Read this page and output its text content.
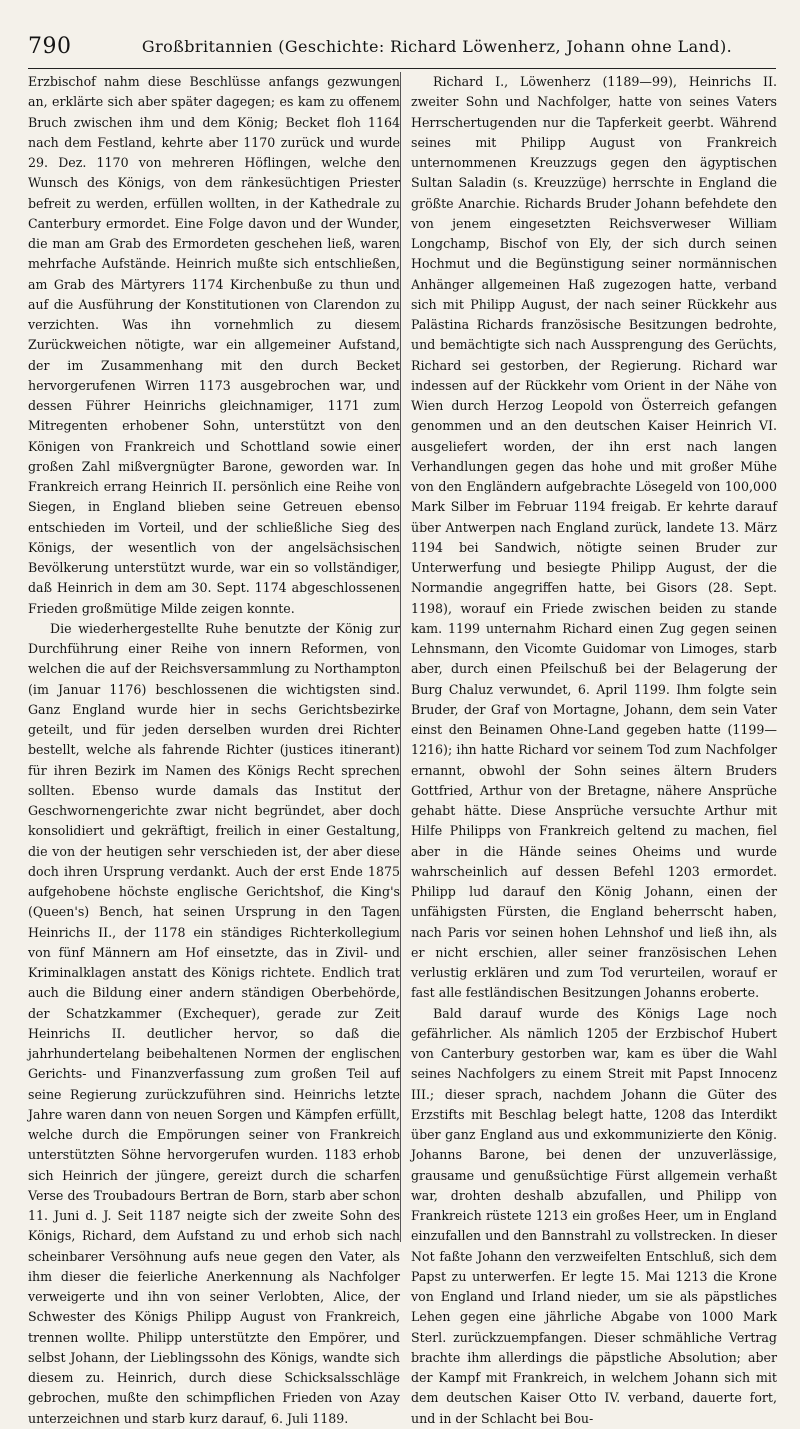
790	Großbritannien (Geschichte: Richard Löwenherz, Johann ohne Land).

Erzbischof nahm diese Beschlüsse anfangs gezwungen an, erklärte sich aber später dagegen; es kam zu offenem Bruch zwischen ihm und dem König; Becket floh 1164 nach dem Festland, kehrte aber 1170 zurück und wurde 29. Dez. 1170 von mehreren Höflingen, welche den Wunsch des Königs, von dem ränkesüchtigen Priester befreit zu werden, erfüllen wollten, in der Kathedrale zu Canterbury ermordet. Eine Folge davon und der Wunder, die man am Grab des Ermordeten geschehen ließ, waren mehrfache Aufstände. Heinrich mußte sich entschließen, am Grab des Märtyrers 1174 Kirchenbuße zu thun und auf die Ausführung der Konstitutionen von Clarendon zu verzichten. Was ihn vornehmlich zu diesem Zurückweichen nötigte, war ein allgemeiner Aufstand, der im Zusammenhang mit den durch Becket hervorgerufenen Wirren 1173 ausgebrochen war, und dessen Führer Heinrichs gleichnamiger, 1171 zum Mitregenten erhobener Sohn, unterstützt von den Königen von Frankreich und Schottland sowie einer großen Zahl mißvergnügter Barone, geworden war. In Frankreich errang Heinrich II. persönlich eine Reihe von Siegen, in England blieben seine Getreuen ebenso entschieden im Vorteil, und der schließliche Sieg des Königs, der wesentlich von der angelsächsischen Bevölkerung unterstützt wurde, war ein so vollständiger, daß Heinrich in dem am 30. Sept. 1174 abgeschlossenen Frieden großmütige Milde zeigen konnte.

Die wiederhergestellte Ruhe benutzte der König zur Durchführung einer Reihe von innern Reformen, von welchen die auf der Reichsversammlung zu Northampton (im Januar 1176) beschlossenen die wichtigsten sind. Ganz England wurde hier in sechs Gerichtsbezirke geteilt, und für jeden derselben wurden drei Richter bestellt, welche als fahrende Richter (justices itinerant) für ihren Bezirk im Namen des Königs Recht sprechen sollten. Ebenso wurde damals das Institut der Geschwornengerichte zwar nicht begründet, aber doch konsolidiert und gekräftigt, freilich in einer Gestaltung, die von der heutigen sehr verschieden ist, der aber diese doch ihren Ursprung verdankt. Auch der erst Ende 1875 aufgehobene höchste englische Gerichtshof, die King's (Queen's) Bench, hat seinen Ursprung in den Tagen Heinrichs II., der 1178 ein ständiges Richterkollegium von fünf Männern am Hof einsetzte, das in Zivil- und Kriminalklagen anstatt des Königs richtete. Endlich trat auch die Bildung einer andern ständigen Oberbehörde, der Schatzkammer (Exchequer), gerade zur Zeit Heinrichs II. deutlicher hervor, so daß die jahrhundertelang beibehaltenen Normen der englischen Gerichts- und Finanzverfassung zum großen Teil auf seine Regierung zurückzuführen sind. Heinrichs letzte Jahre waren dann von neuen Sorgen und Kämpfen erfüllt, welche durch die Empörungen seiner von Frankreich unterstützten Söhne hervorgerufen wurden. 1183 erhob sich Heinrich der jüngere, gereizt durch die scharfen Verse des Troubadours Bertran de Born, starb aber schon 11. Juni d. J. Seit 1187 neigte sich der zweite Sohn des Königs, Richard, dem Aufstand zu und erhob sich nach scheinbarer Versöhnung aufs neue gegen den Vater, als ihm dieser die feierliche Anerkennung als Nachfolger verweigerte und ihn von seiner Verlobten, Alice, der Schwester des Königs Philipp August von Frankreich, trennen wollte. Philipp unterstützte den Empörer, und selbst Johann, der Lieblingssohn des Königs, wandte sich diesem zu. Heinrich, durch diese Schicksalsschläge gebrochen, mußte den schimpflichen Frieden von Azay unterzeichnen und starb kurz darauf, 6. Juli 1189.

Richard I., Löwenherz (1189—99), Heinrichs II. zweiter Sohn und Nachfolger, hatte von seines Vaters Herrschertugenden nur die Tapferkeit geerbt. Während seines mit Philipp August von Frankreich unternommenen Kreuzzugs gegen den ägyptischen Sultan Saladin (s. Kreuzzüge) herrschte in England die größte Anarchie. Richards Bruder Johann befehdete den von jenem eingesetzten Reichsverweser William Longchamp, Bischof von Ely, der sich durch seinen Hochmut und die Begünstigung seiner normännischen Anhänger allgemeinen Haß zugezogen hatte, verband sich mit Philipp August, der nach seiner Rückkehr aus Palästina Richards französische Besitzungen bedrohte, und bemächtigte sich nach Aussprengung des Gerüchts, Richard sei gestorben, der Regierung. Richard war indessen auf der Rückkehr vom Orient in der Nähe von Wien durch Herzog Leopold von Österreich gefangen genommen und an den deutschen Kaiser Heinrich VI. ausgeliefert worden, der ihn erst nach langen Verhandlungen gegen das hohe und mit großer Mühe von den Engländern aufgebrachte Lösegeld von 100,000 Mark Silber im Februar 1194 freigab. Er kehrte darauf über Antwerpen nach England zurück, landete 13. März 1194 bei Sandwich, nötigte seinen Bruder zur Unterwerfung und besiegte Philipp August, der die Normandie angegriffen hatte, bei Gisors (28. Sept. 1198), worauf ein Friede zwischen beiden zu stande kam. 1199 unternahm Richard einen Zug gegen seinen Lehnsmann, den Vicomte Guidomar von Limoges, starb aber, durch einen Pfeilschuß bei der Belagerung der Burg Chaluz verwundet, 6. April 1199. Ihm folgte sein Bruder, der Graf von Mortagne, Johann, dem sein Vater einst den Beinamen Ohne-Land gegeben hatte (1199—1216); ihn hatte Richard vor seinem Tod zum Nachfolger ernannt, obwohl der Sohn seines ältern Bruders Gottfried, Arthur von der Bretagne, nähere Ansprüche gehabt hätte. Diese Ansprüche versuchte Arthur mit Hilfe Philipps von Frankreich geltend zu machen, fiel aber in die Hände seines Oheims und wurde wahrscheinlich auf dessen Befehl 1203 ermordet. Philipp lud darauf den König Johann, einen der unfähigsten Fürsten, die England beherrscht haben, nach Paris vor seinen hohen Lehnshof und ließ ihn, als er nicht erschien, aller seiner französischen Lehen verlustig erklären und zum Tod verurteilen, worauf er fast alle festländischen Besitzungen Johanns eroberte.

Bald darauf wurde des Königs Lage noch gefährlicher. Als nämlich 1205 der Erzbischof Hubert von Canterbury gestorben war, kam es über die Wahl seines Nachfolgers zu einem Streit mit Papst Innocenz III.; dieser sprach, nachdem Johann die Güter des Erzstifts mit Beschlag belegt hatte, 1208 das Interdikt über ganz England aus und exkommunizierte den König. Johanns Barone, bei denen der unzuverlässige, grausame und genußsüchtige Fürst allgemein verhaßt war, drohten deshalb abzufallen, und Philipp von Frankreich rüstete 1213 ein großes Heer, um in England einzufallen und den Bannstrahl zu vollstrecken. In dieser Not faßte Johann den verzweifelten Entschluß, sich dem Papst zu unterwerfen. Er legte 15. Mai 1213 die Krone von England und Irland nieder, um sie als päpstliches Lehen gegen eine jährliche Abgabe von 1000 Mark Sterl. zurückzuempfangen. Dieser schmähliche Vertrag brachte ihm allerdings die päpstliche Absolution; aber der Kampf mit Frankreich, in welchem Johann sich mit dem deutschen Kaiser Otto IV. verband, dauerte fort, und in der Schlacht bei Bou-
